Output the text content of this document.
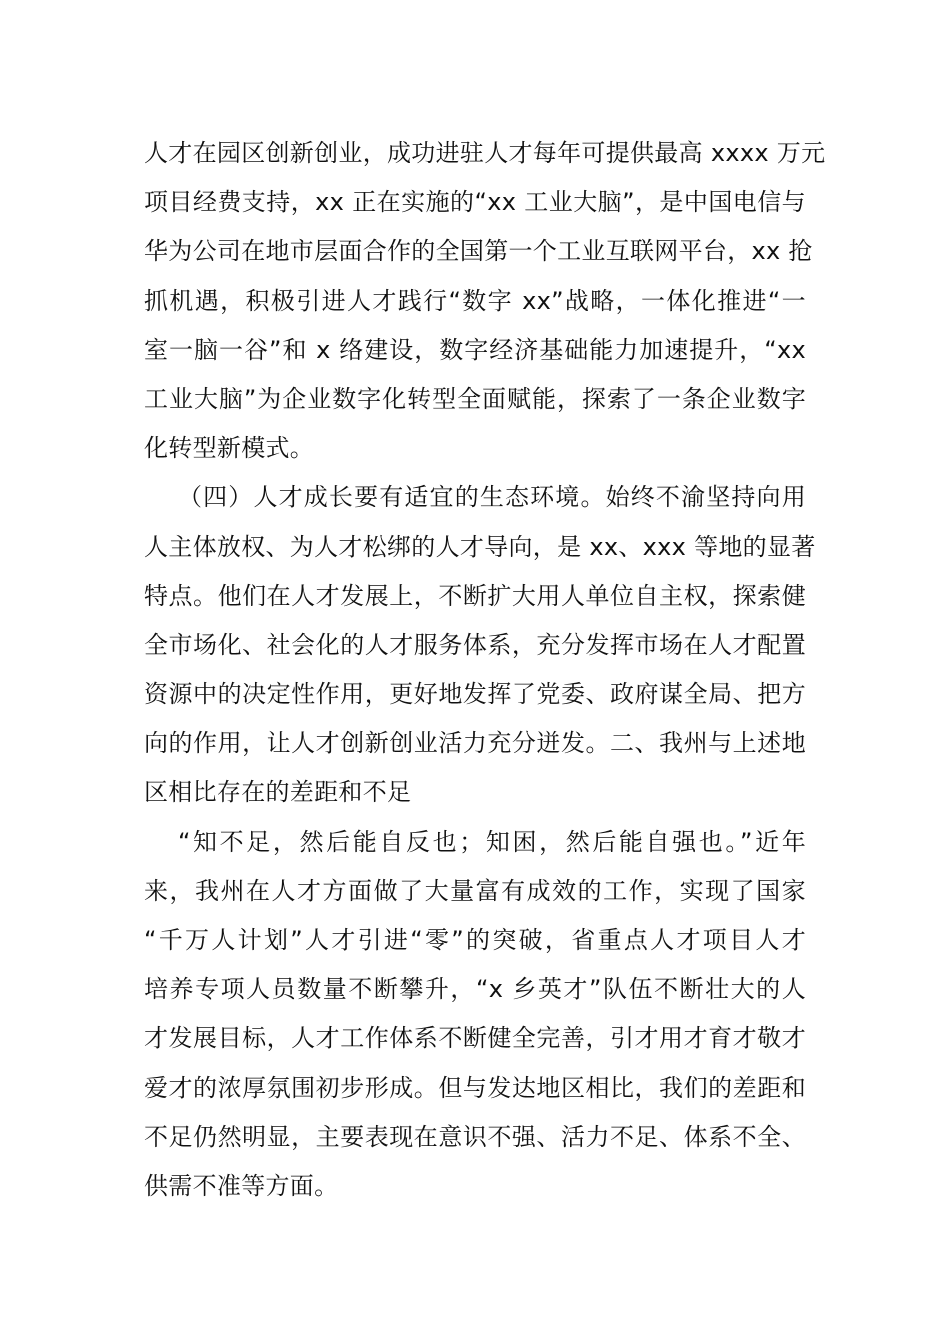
人才在园区创新创业，成功进驻人才每年可提供最高 xxxx 万元
项目经费支持，xx 正在实施的“xx 工业大脑”，是中国电信与
华为公司在地市层面合作的全国第一个工业互联网平台，xx 抢
抓机遇，积极引进人才践行“数字 xx”战略，一体化推进“一
室一脑一谷”和 x 络建设，数字经济基础能力加速提升，“xx
工业大脑”为企业数字化转型全面赋能，探索了一条企业数字
化转型新模式。
（四）人才成长要有适宜的生态环境。始终不渝坚持向用
人主体放权、为人才松绑的人才导向，是 xx、xxx 等地的显著
特点。他们在人才发展上，不断扩大用人单位自主权，探索健
全市场化、社会化的人才服务体系，充分发挥市场在人才配置
资源中的决定性作用，更好地发挥了党委、政府谋全局、把方
向的作用，让人才创新创业活力充分迸发。二、我州与上述地
区相比存在的差距和不足
“知不足，然后能自反也；知困，然后能自强也。”近年
来，我州在人才方面做了大量富有成效的工作，实现了国家
“千万人计划”人才引进“零”的突破，省重点人才项目人才
培养专项人员数量不断攀升，“x 乡英才”队伍不断壮大的人
才发展目标，人才工作体系不断健全完善，引才用才育才敬才
爱才的浓厚氛围初步形成。但与发达地区相比，我们的差距和
不足仍然明显，主要表现在意识不强、活力不足、体系不全、
供需不准等方面。
